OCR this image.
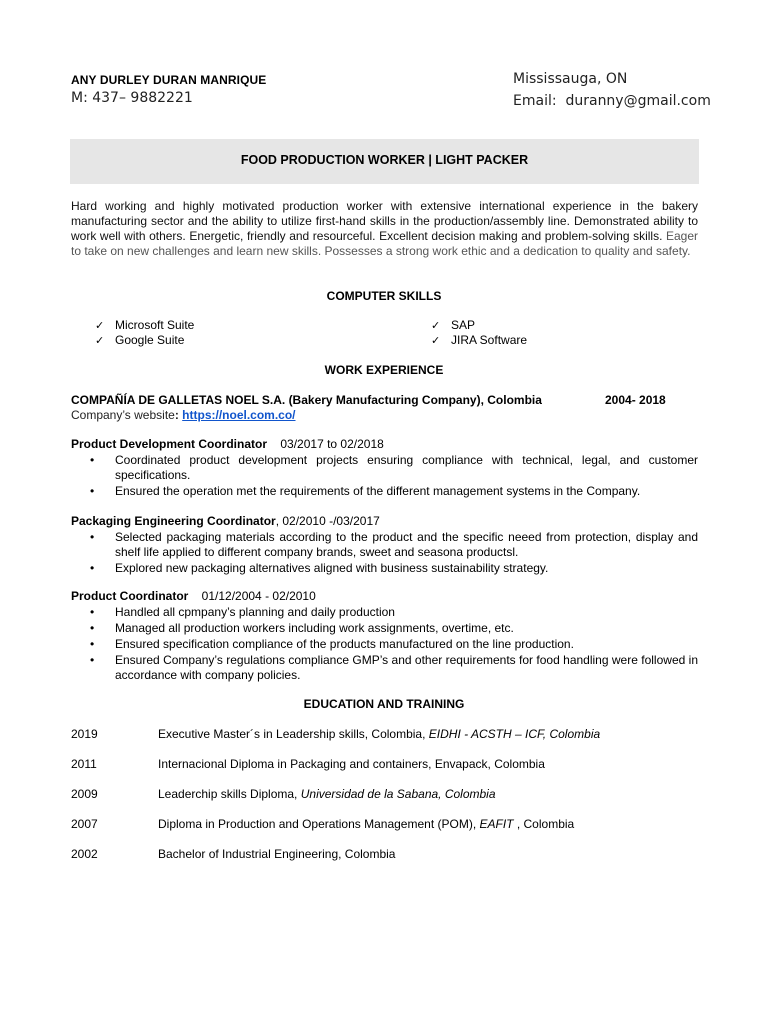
ANY DURLEY DURAN MANRIQUE
M: 437– 9882221
Mississauga, ON
Email: duranny@gmail.com
FOOD PRODUCTION WORKER | LIGHT PACKER
Hard working and highly motivated production worker with extensive international experience in the bakery manufacturing sector and the ability to utilize first-hand skills in the production/assembly line. Demonstrated ability to work well with others. Energetic, friendly and resourceful. Excellent decision making and problem-solving skills. Eager to take on new challenges and learn new skills. Possesses a strong work ethic and a dedication to quality and safety.
COMPUTER SKILLS
✓ Microsoft Suite
✓ Google Suite
✓ SAP
✓ JIRA Software
WORK EXPERIENCE
COMPAÑÍA DE GALLETAS NOEL S.A. (Bakery Manufacturing Company), Colombia	2004- 2018
Company’s website: https://noel.com.co/
Product Development Coordinator 03/2017 to 02/2018
• Coordinated product development projects ensuring compliance with technical, legal, and customer specifications.
• Ensured the operation met the requirements of the different management systems in the Company.
Packaging Engineering Coordinator, 02/2010 -/03/2017
• Selected packaging materials according to the product and the specific neeed from protection, display and shelf life applied to different company brands, sweet and seasona productsl.
• Explored new packaging alternatives aligned with business sustainability strategy.
Product Coordinator 01/12/2004 - 02/2010
• Handled all cpmpany’s planning and daily production
• Managed all production workers including work assignments, overtime, etc.
• Ensured specification compliance of the products manufactured on the line production.
• Ensured Company’s regulations compliance GMP’s and other requirements for food handling were followed in accordance with company policies.
EDUCATION AND TRAINING
2019	Executive Master´s in Leadership skills, Colombia, EIDHI - ACSTH – ICF, Colombia
2011	Internacional Diploma in Packaging and containers, Envapack, Colombia
2009	Leaderchip skills Diploma, Universidad de la Sabana, Colombia
2007	Diploma in Production and Operations Management (POM), EAFIT , Colombia
2002	Bachelor of Industrial Engineering, Colombia
